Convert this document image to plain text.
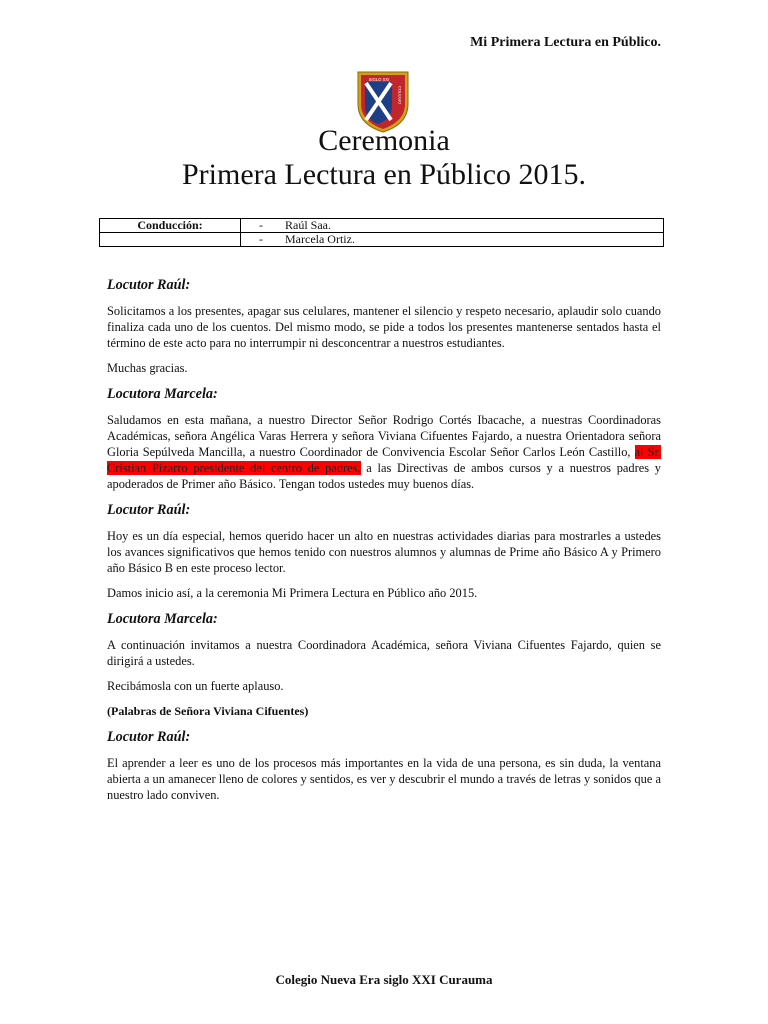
Mi Primera Lectura en Público.
SIGLO XXI
COLEGIO
Ceremonia
Primera Lectura en Público 2015.
Conducción:	- Raúl Saa.
	- Marcela Ortiz.
Locutor Raúl:

Solicitamos a los presentes, apagar sus celulares, mantener el silencio y respeto necesario, aplaudir solo cuando finaliza cada uno de los cuentos. Del mismo modo, se pide a todos los presentes mantenerse sentados hasta el término de este acto para no interrumpir ni desconcentrar a nuestros estudiantes.

Muchas gracias.

Locutora Marcela:

Saludamos en esta mañana, a nuestro Director Señor Rodrigo Cortés Ibacache, a nuestras Coordinadoras Académicas, señora Angélica Varas Herrera y señora Viviana Cifuentes Fajardo, a nuestra Orientadora señora Gloria Sepúlveda Mancilla, a nuestro Coordinador de Convivencia Escolar Señor Carlos León Castillo, al Sr. Cristian Pizarro presidente del centro de padres, a las Directivas de ambos cursos y a nuestros padres y apoderados de Primer año Básico. Tengan todos ustedes muy buenos días.

Locutor Raúl:

Hoy es un día especial, hemos querido hacer un alto en nuestras actividades diarias para mostrarles a ustedes los avances significativos que hemos tenido con nuestros alumnos y alumnas de Prime año Básico A y Primero año Básico B en este proceso lector.

Damos inicio así, a la ceremonia Mi Primera Lectura en Público año 2015.

Locutora Marcela:

A continuación invitamos a nuestra Coordinadora Académica, señora Viviana Cifuentes Fajardo, quien se dirigirá a ustedes.

Recibámosla con un fuerte aplauso.

(Palabras de Señora Viviana Cifuentes)

Locutor Raúl:

El aprender a leer es uno de los procesos más importantes en la vida de una persona, es sin duda, la ventana abierta a un amanecer lleno de colores y sentidos, es ver y descubrir el mundo a través de letras y sonidos que a nuestro lado conviven.

Colegio Nueva Era siglo XXI Curauma
